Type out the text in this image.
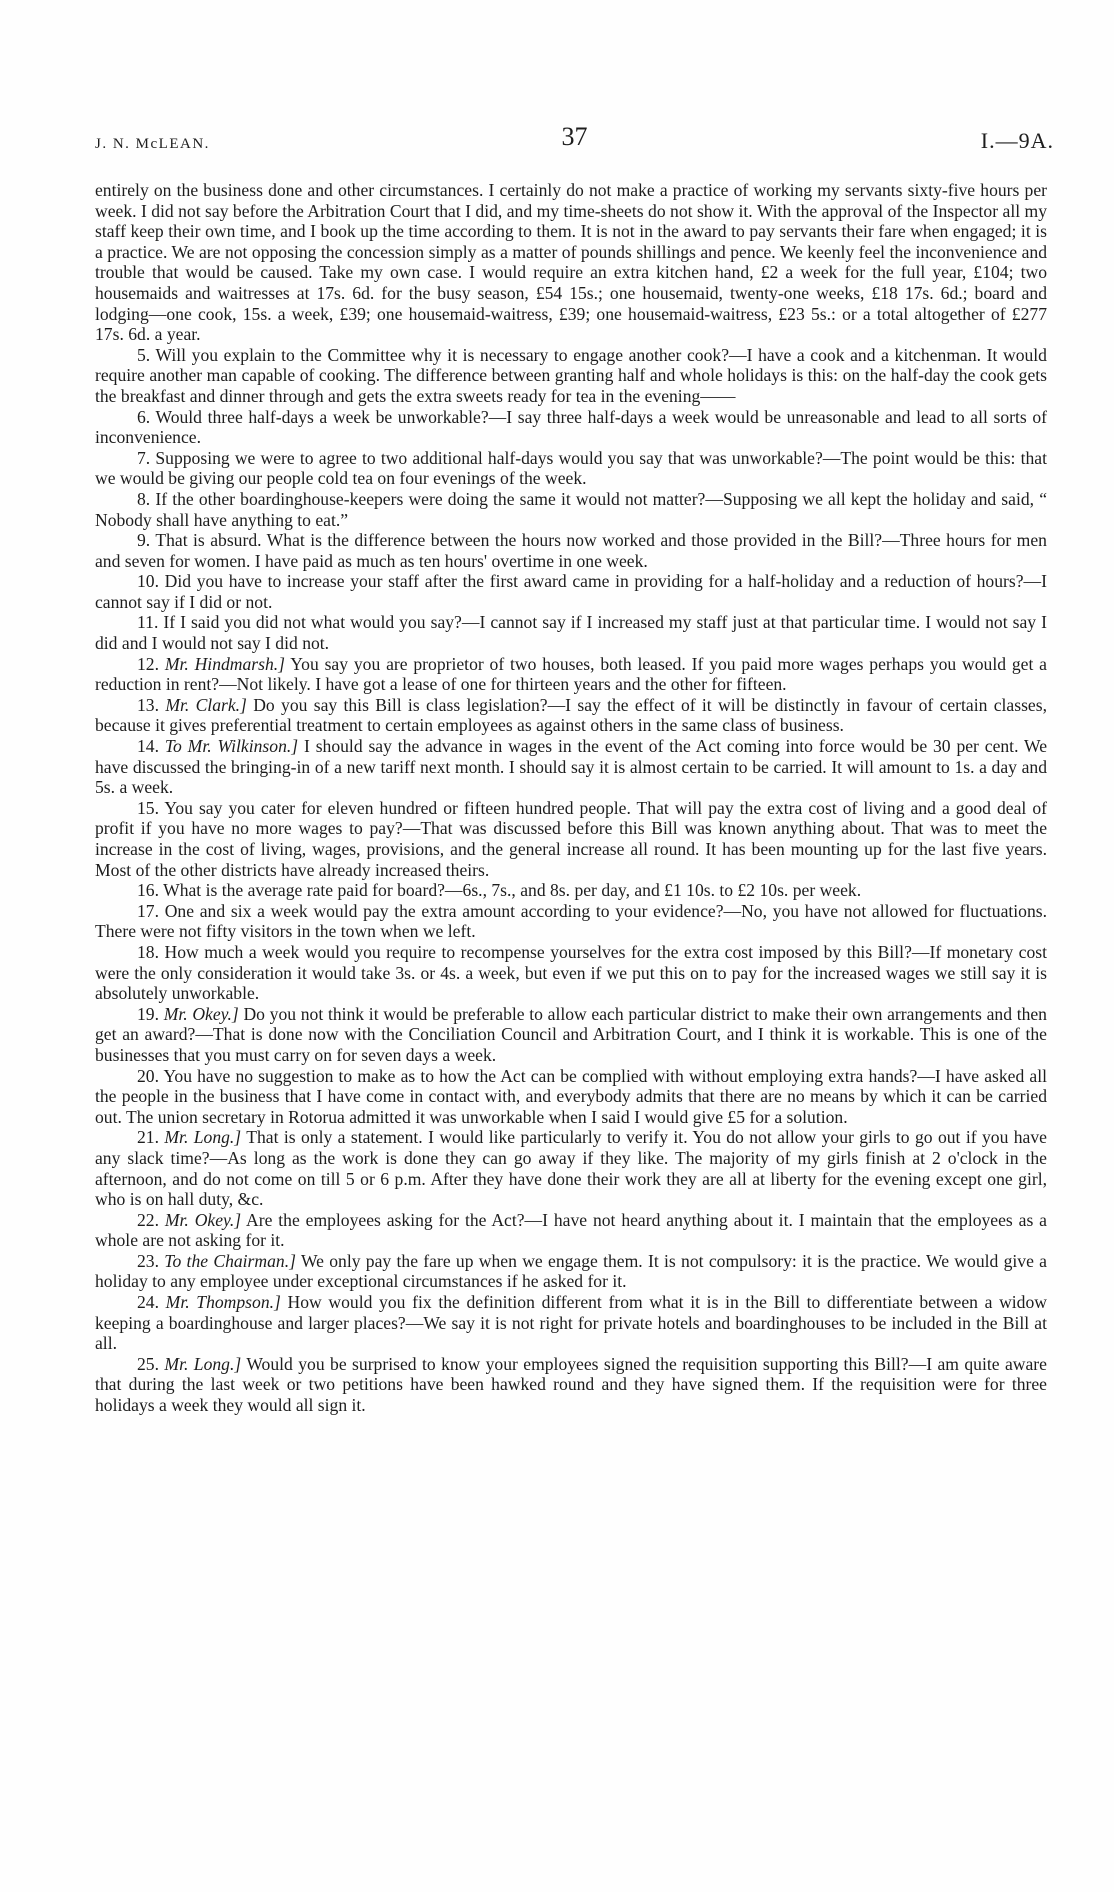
J. N. McLEAN.	37	I.—9A.

entirely on the business done and other circumstances. I certainly do not make a practice of working my servants sixty-five hours per week. I did not say before the Arbitration Court that I did, and my time-sheets do not show it. With the approval of the Inspector all my staff keep their own time, and I book up the time according to them. It is not in the award to pay servants their fare when engaged; it is a practice. We are not opposing the concession simply as a matter of pounds shillings and pence. We keenly feel the inconvenience and trouble that would be caused. Take my own case. I would require an extra kitchen hand, £2 a week for the full year, £104; two housemaids and waitresses at 17s. 6d. for the busy season, £54 15s.; one housemaid, twenty-one weeks, £18 17s. 6d.; board and lodging—one cook, 15s. a week, £39; one housemaid-waitress, £39; one housemaid-waitress, £23 5s.: or a total altogether of £277 17s. 6d. a year.

5. Will you explain to the Committee why it is necessary to engage another cook?—I have a cook and a kitchenman. It would require another man capable of cooking. The difference between granting half and whole holidays is this: on the half-day the cook gets the breakfast and dinner through and gets the extra sweets ready for tea in the evening——

6. Would three half-days a week be unworkable?—I say three half-days a week would be unreasonable and lead to all sorts of inconvenience.

7. Supposing we were to agree to two additional half-days would you say that was unworkable?—The point would be this: that we would be giving our people cold tea on four evenings of the week.

8. If the other boardinghouse-keepers were doing the same it would not matter?—Supposing we all kept the holiday and said, “ Nobody shall have anything to eat.”

9. That is absurd. What is the difference between the hours now worked and those provided in the Bill?—Three hours for men and seven for women. I have paid as much as ten hours' overtime in one week.

10. Did you have to increase your staff after the first award came in providing for a half-holiday and a reduction of hours?—I cannot say if I did or not.

11. If I said you did not what would you say?—I cannot say if I increased my staff just at that particular time. I would not say I did and I would not say I did not.

12. Mr. Hindmarsh.] You say you are proprietor of two houses, both leased. If you paid more wages perhaps you would get a reduction in rent?—Not likely. I have got a lease of one for thirteen years and the other for fifteen.

13. Mr. Clark.] Do you say this Bill is class legislation?—I say the effect of it will be distinctly in favour of certain classes, because it gives preferential treatment to certain employees as against others in the same class of business.

14. To Mr. Wilkinson.] I should say the advance in wages in the event of the Act coming into force would be 30 per cent. We have discussed the bringing-in of a new tariff next month. I should say it is almost certain to be carried. It will amount to 1s. a day and 5s. a week.

15. You say you cater for eleven hundred or fifteen hundred people. That will pay the extra cost of living and a good deal of profit if you have no more wages to pay?—That was discussed before this Bill was known anything about. That was to meet the increase in the cost of living, wages, provisions, and the general increase all round. It has been mounting up for the last five years. Most of the other districts have already increased theirs.

16. What is the average rate paid for board?—6s., 7s., and 8s. per day, and £1 10s. to £2 10s. per week.

17. One and six a week would pay the extra amount according to your evidence?—No, you have not allowed for fluctuations. There were not fifty visitors in the town when we left.

18. How much a week would you require to recompense yourselves for the extra cost imposed by this Bill?—If monetary cost were the only consideration it would take 3s. or 4s. a week, but even if we put this on to pay for the increased wages we still say it is absolutely unworkable.

19. Mr. Okey.] Do you not think it would be preferable to allow each particular district to make their own arrangements and then get an award?—That is done now with the Conciliation Council and Arbitration Court, and I think it is workable. This is one of the businesses that you must carry on for seven days a week.

20. You have no suggestion to make as to how the Act can be complied with without employing extra hands?—I have asked all the people in the business that I have come in contact with, and everybody admits that there are no means by which it can be carried out. The union secretary in Rotorua admitted it was unworkable when I said I would give £5 for a solution.

21. Mr. Long.] That is only a statement. I would like particularly to verify it. You do not allow your girls to go out if you have any slack time?—As long as the work is done they can go away if they like. The majority of my girls finish at 2 o'clock in the afternoon, and do not come on till 5 or 6 p.m. After they have done their work they are all at liberty for the evening except one girl, who is on hall duty, &c.

22. Mr. Okey.] Are the employees asking for the Act?—I have not heard anything about it. I maintain that the employees as a whole are not asking for it.

23. To the Chairman.] We only pay the fare up when we engage them. It is not compulsory: it is the practice. We would give a holiday to any employee under exceptional circumstances if he asked for it.

24. Mr. Thompson.] How would you fix the definition different from what it is in the Bill to differentiate between a widow keeping a boardinghouse and larger places?—We say it is not right for private hotels and boardinghouses to be included in the Bill at all.

25. Mr. Long.] Would you be surprised to know your employees signed the requisition supporting this Bill?—I am quite aware that during the last week or two petitions have been hawked round and they have signed them. If the requisition were for three holidays a week they would all sign it.
